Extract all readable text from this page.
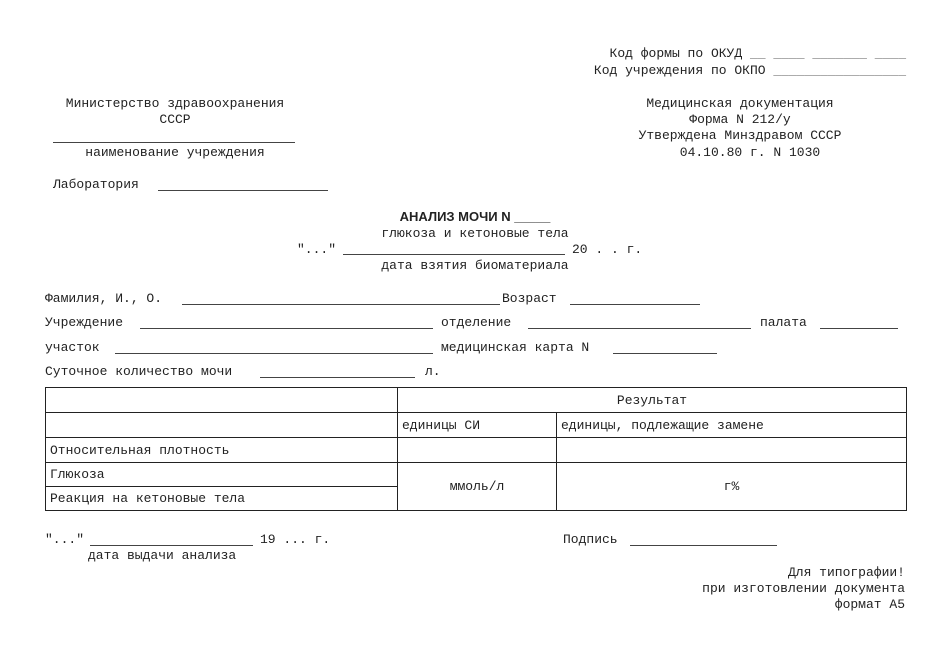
Код формы по ОКУД __ ____ _______ ____
Код учреждения по ОКПО _________________
Министерство здравоохранения
СССР
наименование учреждения
Лаборатория
Медицинская документация
Форма N 212/у
Утверждена Минздравом СССР
04.10.80 г. N 1030
АНАЛИЗ МОЧИ N _____
глюкоза и кетоновые тела
"..."	20 . . г.
дата взятия биоматериала
Фамилия, И., О.	Возраст
Учреждение	отделение	палата
участок	медицинская карта N
Суточное количество мочи	л.
	Результат	
	единицы СИ	единицы, подлежащие замене
Относительная плотность		
Глюкоза	ммоль/л	г%
Реакция на кетоновые тела		
"..."	19 ... г.
дата выдачи анализа
Подпись
Для типографии!
при изготовлении документа
формат А5
